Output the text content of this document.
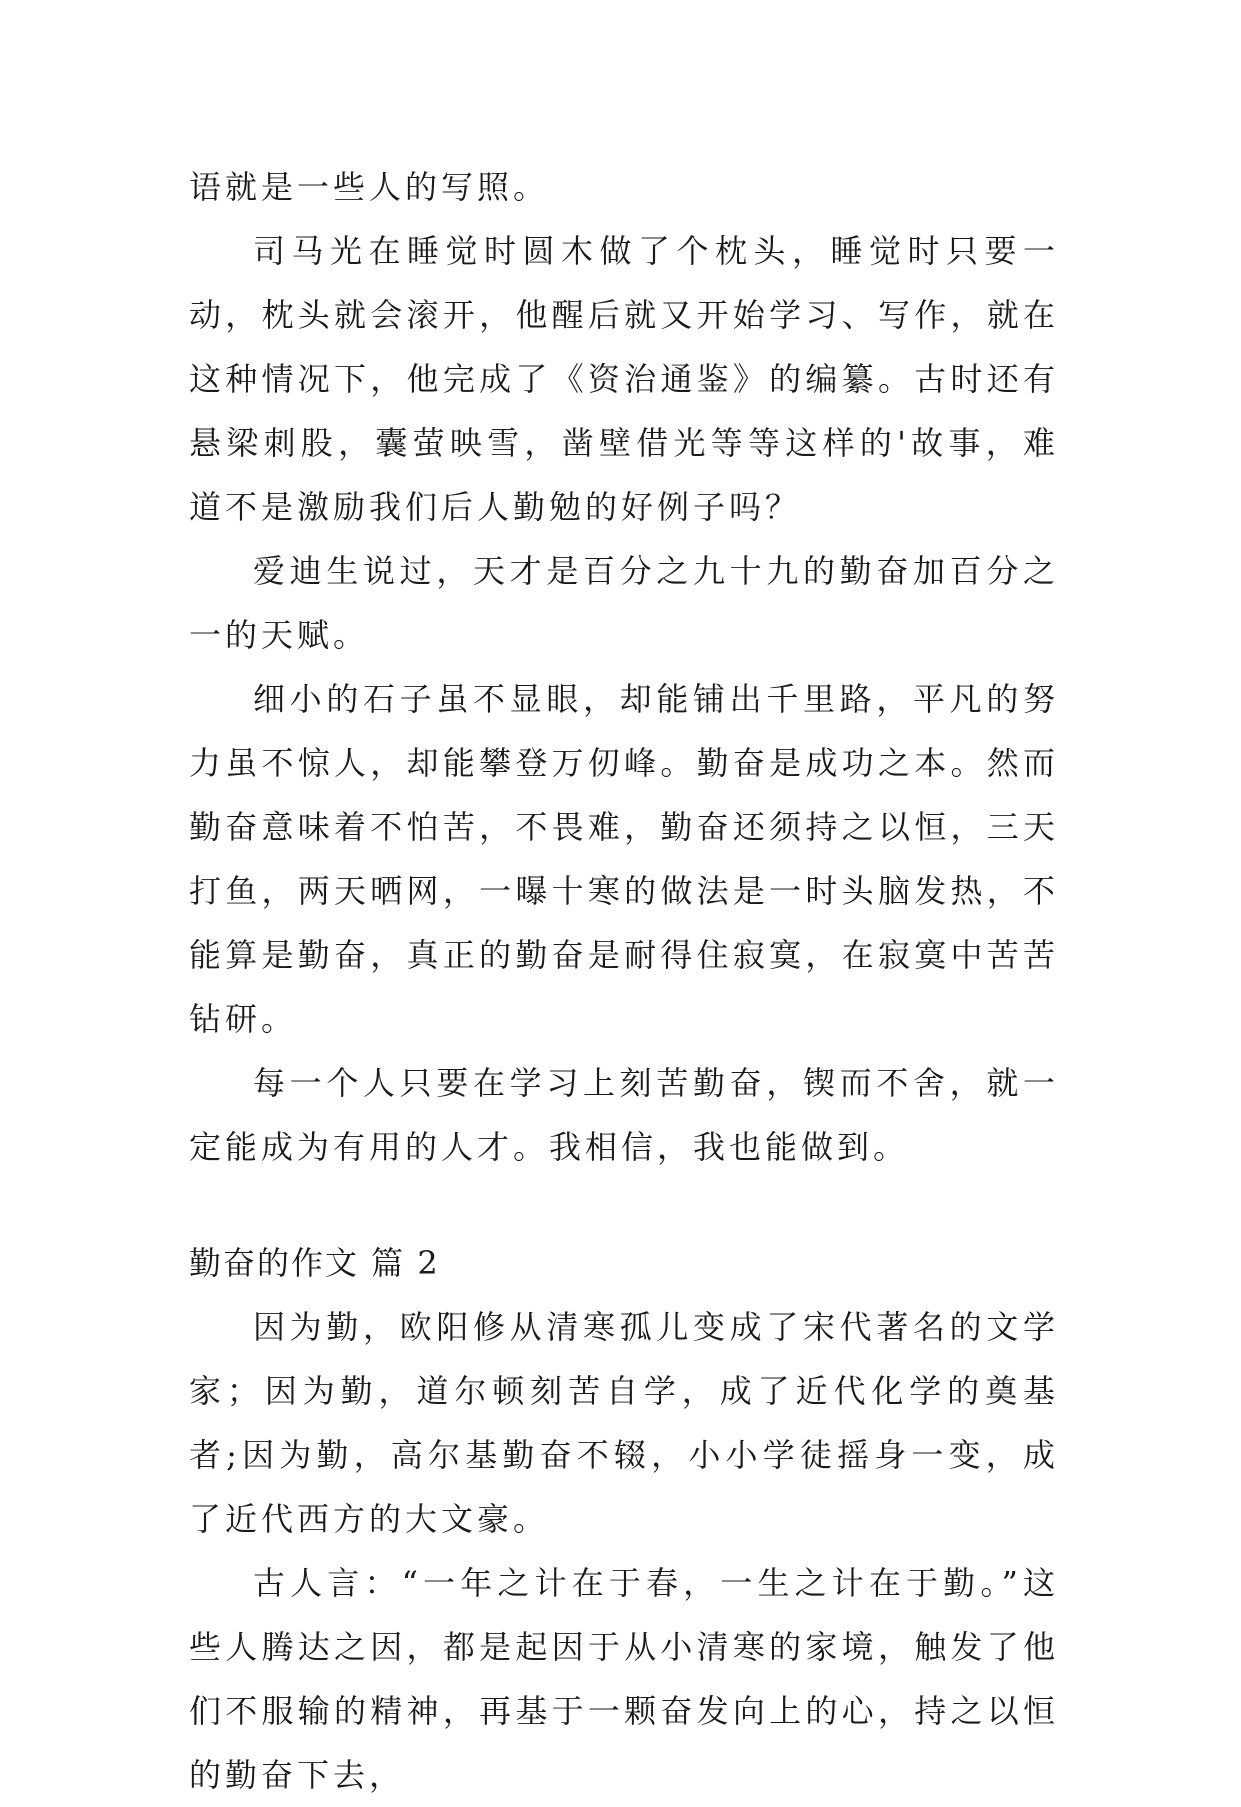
语就是一些人的写照。

司马光在睡觉时圆木做了个枕头，睡觉时只要一动，枕头就会滚开，他醒后就又开始学习、写作，就在这种情况下，他完成了《资治通鉴》的编纂。古时还有悬梁刺股，囊萤映雪，凿壁借光等等这样的'故事，难道不是激励我们后人勤勉的好例子吗？

爱迪生说过，天才是百分之九十九的勤奋加百分之一的天赋。

细小的石子虽不显眼，却能铺出千里路，平凡的努力虽不惊人，却能攀登万仞峰。勤奋是成功之本。然而勤奋意味着不怕苦，不畏难，勤奋还须持之以恒，三天打鱼，两天晒网，一曝十寒的做法是一时头脑发热，不能算是勤奋，真正的勤奋是耐得住寂寞，在寂寞中苦苦钻研。

每一个人只要在学习上刻苦勤奋，锲而不舍，就一定能成为有用的人才。我相信，我也能做到。

勤奋的作文 篇 2

因为勤，欧阳修从清寒孤儿变成了宋代著名的文学家；因为勤，道尔顿刻苦自学，成了近代化学的奠基者;因为勤，高尔基勤奋不辍，小小学徒摇身一变，成了近代西方的大文豪。

古人言：“一年之计在于春，一生之计在于勤。”这些人腾达之因，都是起因于从小清寒的家境，触发了他们不服输的精神，再基于一颗奋发向上的心，持之以恒的勤奋下去，
